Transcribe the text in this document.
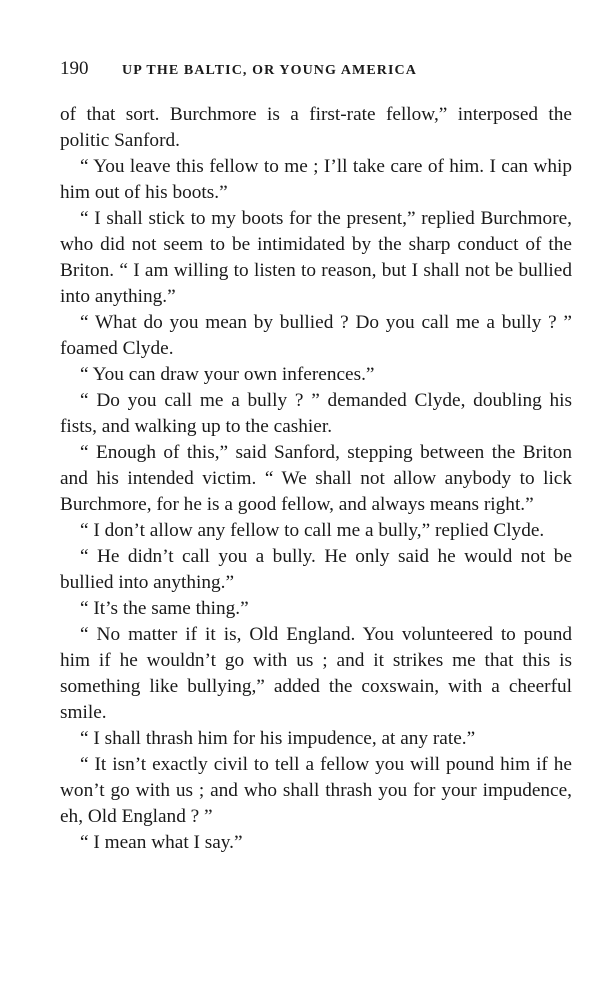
190	UP THE BALTIC, OR YOUNG AMERICA

of that sort. Burchmore is a first-rate fellow,” interposed the politic Sanford.

“ You leave this fellow to me ; I’ll take care of him. I can whip him out of his boots.”

“ I shall stick to my boots for the present,” replied Burchmore, who did not seem to be intimidated by the sharp conduct of the Briton. “ I am willing to listen to reason, but I shall not be bullied into anything.”

“ What do you mean by bullied ? Do you call me a bully ? ” foamed Clyde.

“ You can draw your own inferences.”

“ Do you call me a bully ? ” demanded Clyde, doubling his fists, and walking up to the cashier.

“ Enough of this,” said Sanford, stepping between the Briton and his intended victim. “ We shall not allow anybody to lick Burchmore, for he is a good fellow, and always means right.”

“ I don’t allow any fellow to call me a bully,” replied Clyde.

“ He didn’t call you a bully. He only said he would not be bullied into anything.”

“ It’s the same thing.”

“ No matter if it is, Old England. You volunteered to pound him if he wouldn’t go with us ; and it strikes me that this is something like bullying,” added the coxswain, with a cheerful smile.

“ I shall thrash him for his impudence, at any rate.”

“ It isn’t exactly civil to tell a fellow you will pound him if he won’t go with us ; and who shall thrash you for your impudence, eh, Old England ? ”

“ I mean what I say.”
